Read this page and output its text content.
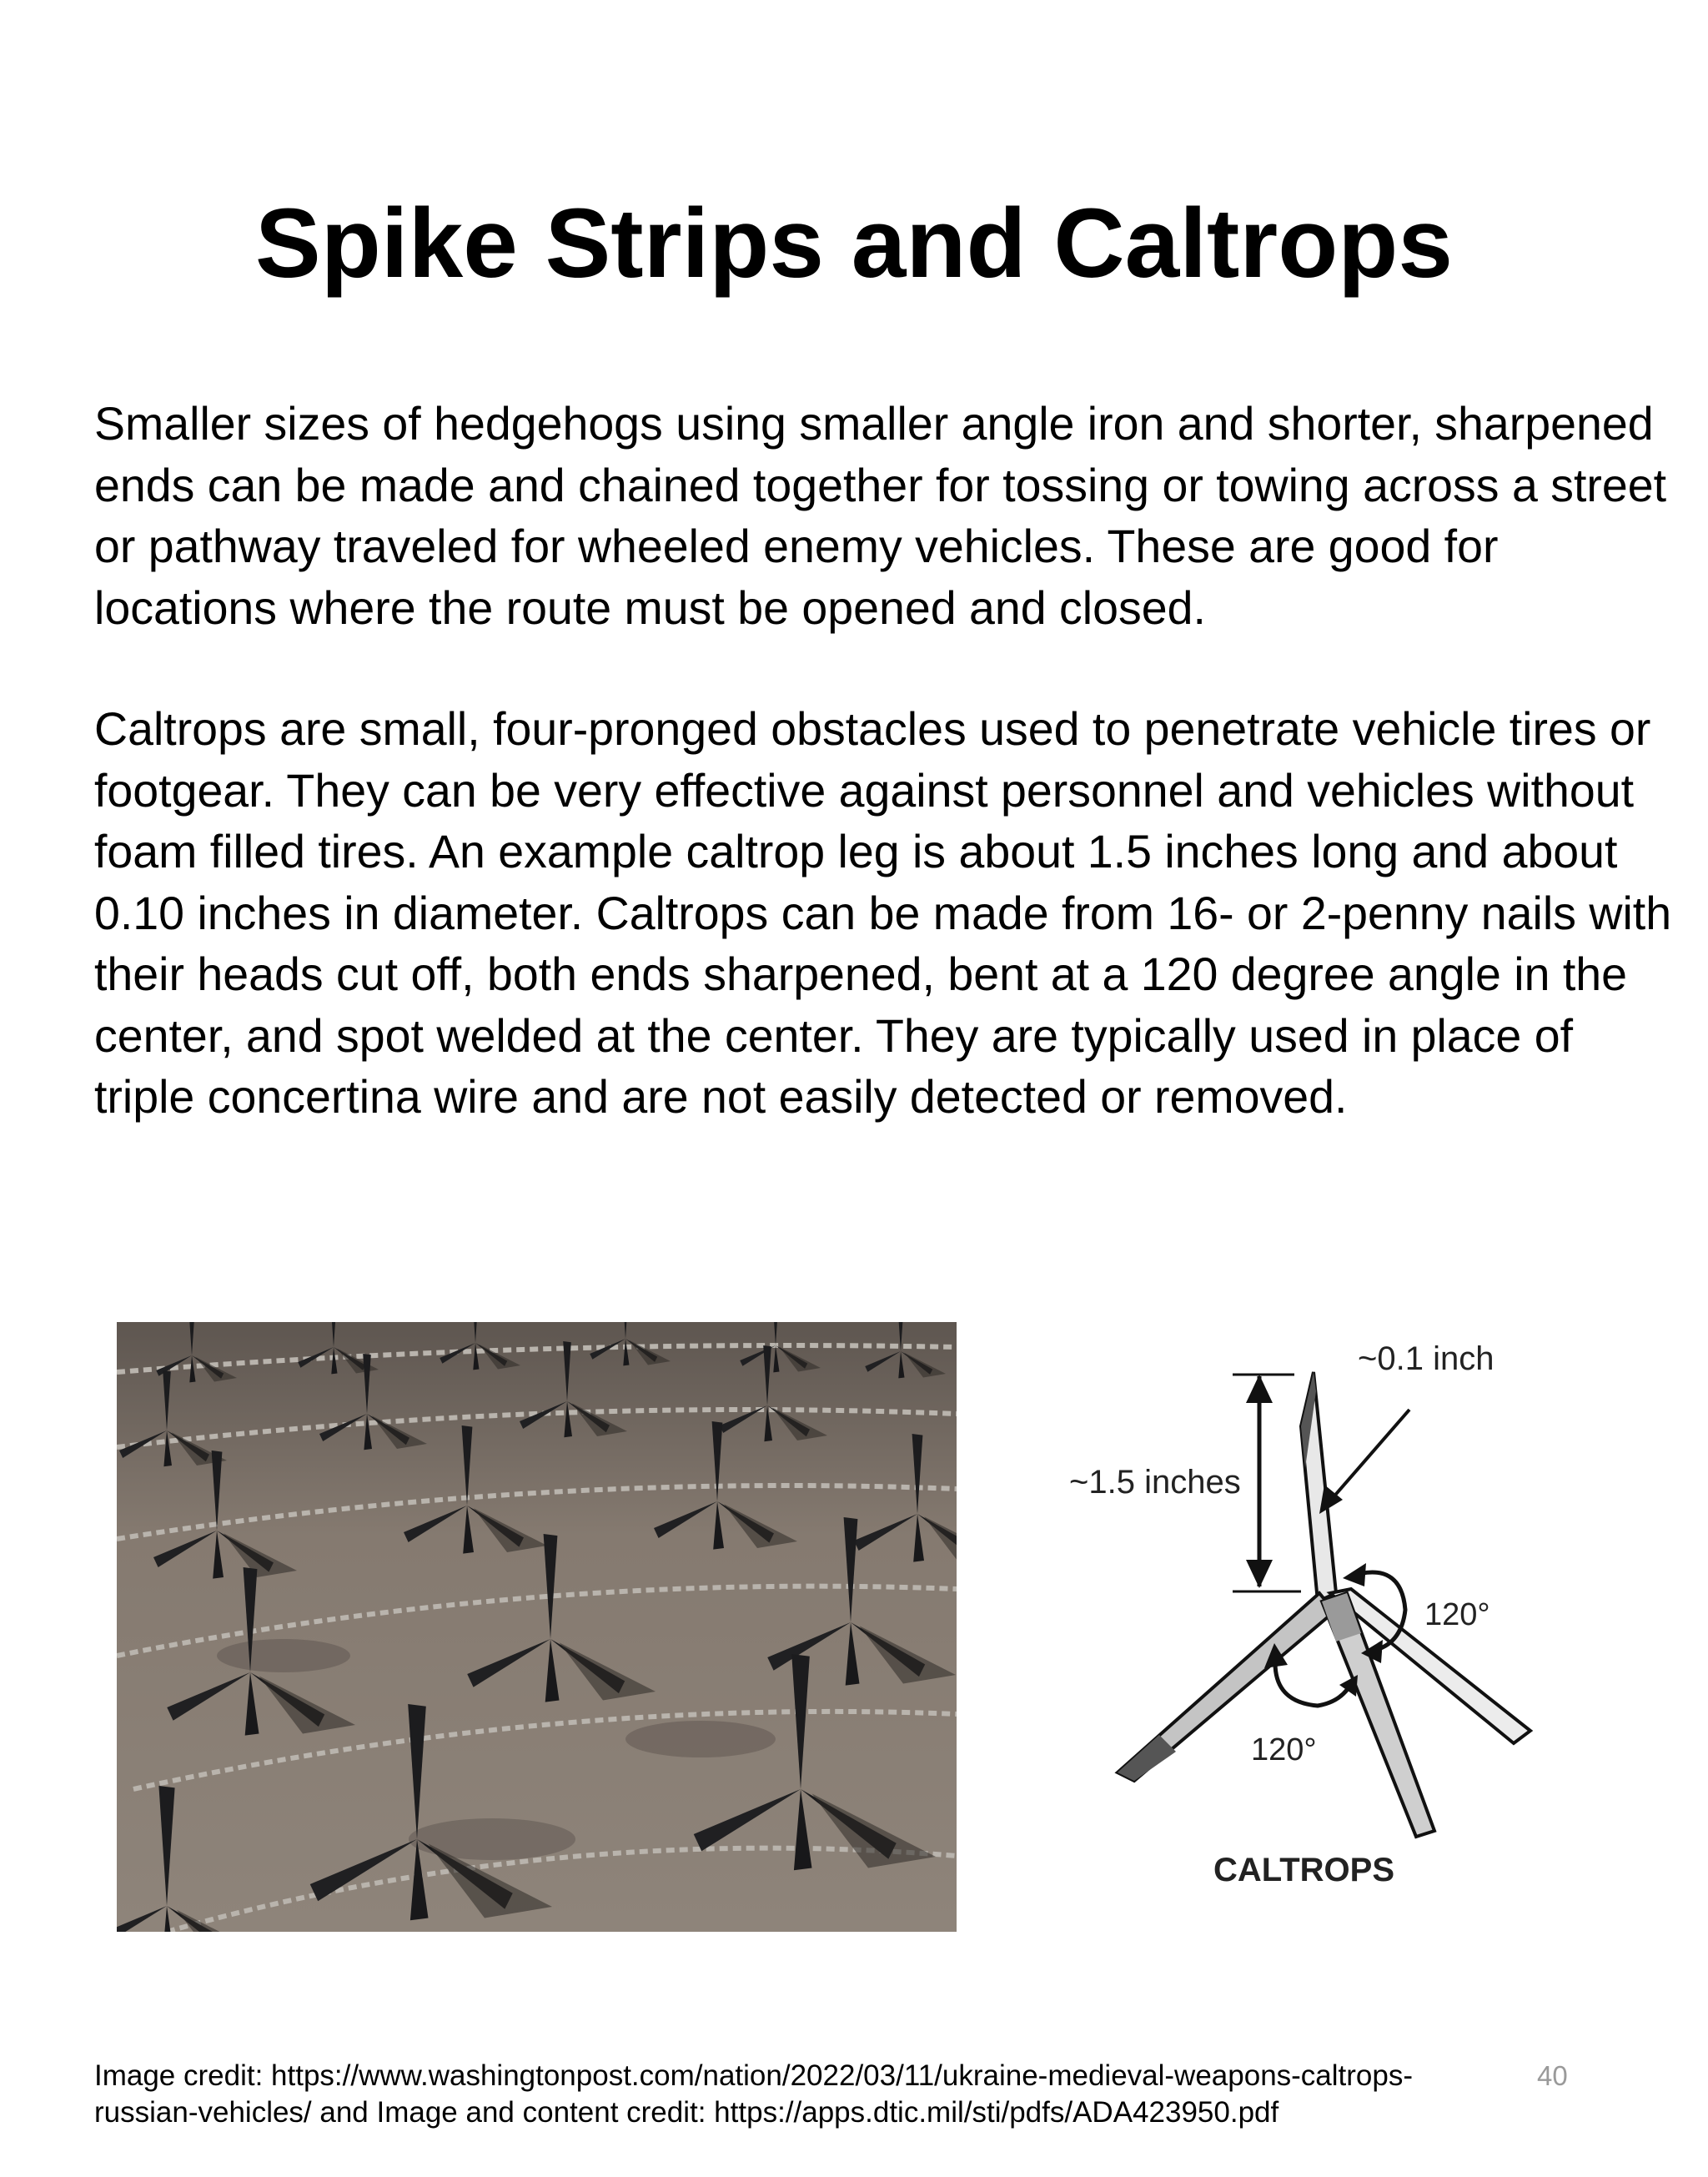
Spike Strips and Caltrops

Smaller sizes of hedgehogs using smaller angle iron and shorter, sharpened ends can be made and chained together for tossing or towing across a street or pathway traveled for wheeled enemy vehicles. These are good for locations where the route must be opened and closed.

Caltrops are small, four-pronged obstacles used to penetrate vehicle tires or footgear. They can be very effective against personnel and vehicles without foam filled tires. An example caltrop leg is about 1.5 inches long and about 0.10 inches in diameter. Caltrops can be made from 16- or 2-penny nails with their heads cut off, both ends sharpened, bent at a 120 degree angle in the center, and spot welded at the center. They are typically used in place of triple concertina wire and are not easily detected or removed.

~0.1 inch
~1.5 inches
120°
120°
CALTROPS
Image credit: https://www.washingtonpost.com/nation/2022/03/11/ukraine-medieval-weapons-caltrops-russian-vehicles/ and Image and content credit: https://apps.dtic.mil/sti/pdfs/ADA423950.pdf
40
